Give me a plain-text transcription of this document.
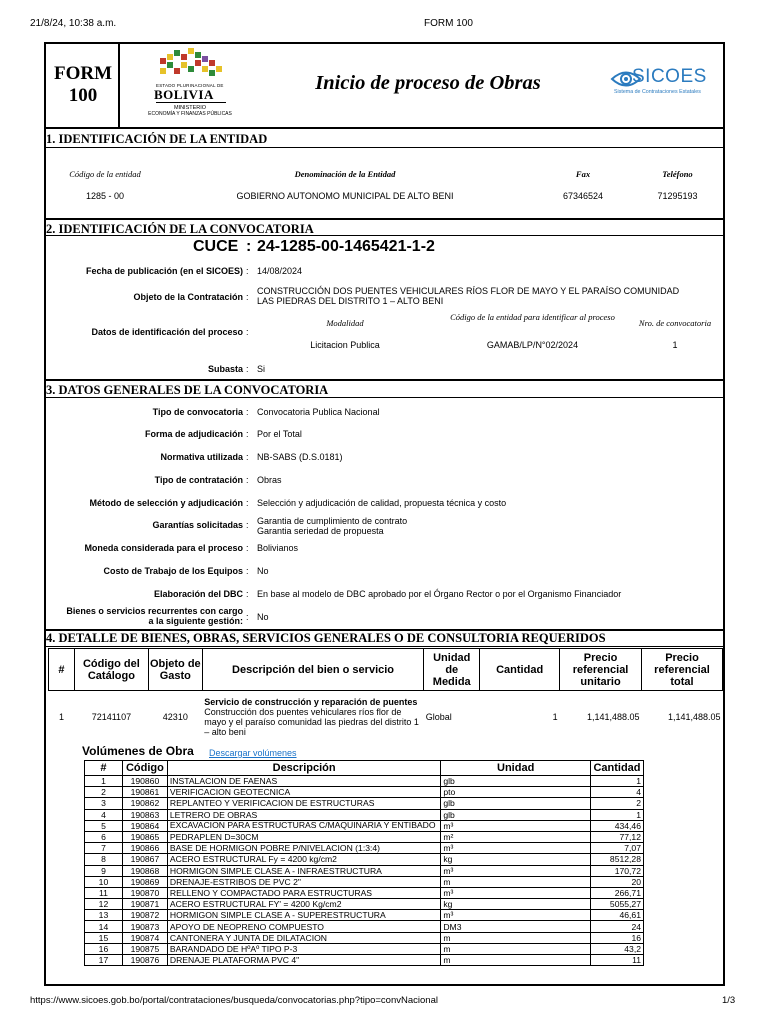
21/8/24, 10:38 a.m.	FORM 100
FORM
100	ESTADO PLURINACIONAL DE
BOLIVIA
MINISTERIO
ECONOMÍA Y FINANZAS PÚBLICAS
Inicio de proceso de Obras	SICOES
Sistema de Contrataciones Estatales
1. IDENTIFICACIÓN DE LA ENTIDAD
Código de la entidad	Denominación de la Entidad	Fax	Teléfono
1285 - 00	GOBIERNO AUTONOMO MUNICIPAL DE ALTO BENI	67346524	71295193
2. IDENTIFICACIÓN DE LA CONVOCATORIA
CUCE : 24-1285-00-1465421-1-2
Fecha de publicación (en el SICOES) : 14/08/2024
Objeto de la Contratación :
CONSTRUCCIÓN DOS PUENTES VEHICULARES RÍOS FLOR DE MAYO Y EL PARAÍSO COMUNIDAD
LAS PIEDRAS DEL DISTRITO 1 – ALTO BENI
Datos de identificación del proceso :
Modalidad
Código de la entidad para identificar al proceso
Nro. de convocatoria
Licitacion Publica	GAMAB/LP/N°02/2024	1
Subasta : Si
3. DATOS GENERALES DE LA CONVOCATORIA
Tipo de convocatoria : Convocatoria Publica Nacional
Forma de adjudicación : Por el Total
Normativa utilizada : NB-SABS (D.S.0181)
Tipo de contratación : Obras
Método de selección y adjudicación : Selección y adjudicación de calidad, propuesta técnica y costo
Garantías solicitadas : Garantia de cumplimiento de contrato
Garantia seriedad de propuesta
Moneda considerada para el proceso : Bolivianos
Costo de Trabajo de los Equipos : No
Elaboración del DBC : En base al modelo de DBC aprobado por el Órgano Rector o por el Organismo Financiador
Bienes o servicios recurrentes con cargo
a la siguiente gestión: : No
4. DETALLE DE BIENES, OBRAS, SERVICIOS GENERALES O DE CONSULTORIA REQUERIDOS
#	Código del Catálogo	Objeto de Gasto	Descripción del bien o servicio	Unidad de Medida	Cantidad	Precio referencial unitario	Precio referencial total
1	72141107	42310	Servicio de construcción y reparación de puentes
Construcción dos puentes vehiculares ríos flor de mayo y el paraíso comunidad las piedras del distrito 1 – alto beni	Global	1	1,141,488.05	1,141,488.05
Volúmenes de Obra Descargar volúmenes
#	Código	Descripción	Unidad	Cantidad
1	190860	INSTALACION DE FAENAS	glb	1
2	190861	VERIFICACION GEOTECNICA	pto	4
3	190862	REPLANTEO Y VERIFICACION DE ESTRUCTURAS	glb	2
4	190863	LETRERO DE OBRAS	glb	1
5	190864	EXCAVACION PARA ESTRUCTURAS C/MAQUINARIA Y ENTIBADO	m³	434,46
6	190865	PEDRAPLEN D=30CM	m²	77,12
7	190866	BASE DE HORMIGON POBRE P/NIVELACION (1:3:4)	m³	7,07
8	190867	ACERO ESTRUCTURAL Fy = 4200 kg/cm2	kg	8512,28
9	190868	HORMIGON SIMPLE CLASE A - INFRAESTRUCTURA	m³	170,72
10	190869	DRENAJE-ESTRIBOS DE PVC 2"	m	20
11	190870	RELLENO Y COMPACTADO PARA ESTRUCTURAS	m³	266,71
12	190871	ACERO ESTRUCTURAL FY' = 4200 Kg/cm2	kg	5055,27
13	190872	HORMIGON SIMPLE CLASE A - SUPERESTRUCTURA	m³	46,61
14	190873	APOYO DE NEOPRENO COMPUESTO	DM3	24
15	190874	CANTONERA Y JUNTA DE DILATACION	m	16
16	190875	BARANDADO DE HºAº TIPO P-3	m	43,2
17	190876	DRENAJE PLATAFORMA PVC 4"	m	11
https://www.sicoes.gob.bo/portal/contrataciones/busqueda/convocatorias.php?tipo=convNacional	1/3
